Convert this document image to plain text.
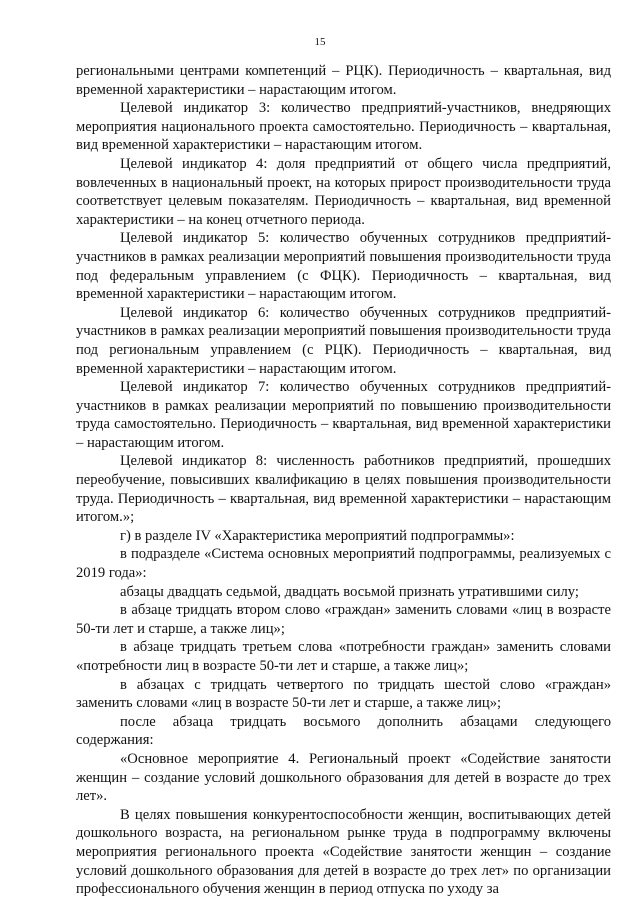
15

региональными центрами компетенций – РЦК). Периодичность – квартальная, вид временной характеристики – нарастающим итогом.

Целевой индикатор 3: количество предприятий-участников, внедряющих мероприятия национального проекта самостоятельно. Периодичность – квартальная, вид временной характеристики – нарастающим итогом.

Целевой индикатор 4: доля предприятий от общего числа предприятий, вовлеченных в национальный проект, на которых прирост производительности труда соответствует целевым показателям. Периодичность – квартальная, вид временной характеристики – на конец отчетного периода.

Целевой индикатор 5: количество обученных сотрудников предприятий-участников в рамках реализации мероприятий повышения производительности труда под федеральным управлением (с ФЦК). Периодичность – квартальная, вид временной характеристики – нарастающим итогом.

Целевой индикатор 6: количество обученных сотрудников предприятий-участников в рамках реализации мероприятий повышения производительности труда под региональным управлением (с РЦК). Периодичность – квартальная, вид временной характеристики – нарастающим итогом.

Целевой индикатор 7: количество обученных сотрудников предприятий-участников в рамках реализации мероприятий по повышению производительности труда самостоятельно. Периодичность – квартальная, вид временной характеристики – нарастающим итогом.

Целевой индикатор 8: численность работников предприятий, прошедших переобучение, повысивших квалификацию в целях повышения производительности труда. Периодичность – квартальная, вид временной характеристики – нарастающим итогом.»;

г) в разделе IV «Характеристика мероприятий подпрограммы»:

в подразделе «Система основных мероприятий подпрограммы, реализуемых с 2019 года»:

абзацы двадцать седьмой, двадцать восьмой признать утратившими силу;

в абзаце тридцать втором слово «граждан» заменить словами «лиц в возрасте 50-ти лет и старше, а также лиц»;

в абзаце тридцать третьем слова «потребности граждан» заменить словами «потребности лиц в возрасте 50-ти лет и старше, а также лиц»;

в абзацах с тридцать четвертого по тридцать шестой слово «граждан» заменить словами «лиц в возрасте 50-ти лет и старше, а также лиц»;

после абзаца тридцать восьмого дополнить абзацами следующего содержания:

«Основное мероприятие 4. Региональный проект «Содействие занятости женщин – создание условий дошкольного образования для детей в возрасте до трех лет».

В целях повышения конкурентоспособности женщин, воспитывающих детей дошкольного возраста, на региональном рынке труда в подпрограмму включены мероприятия регионального проекта «Содействие занятости женщин – создание условий дошкольного образования для детей в возрасте до трех лет» по организации профессионального обучения женщин в период отпуска по уходу за
